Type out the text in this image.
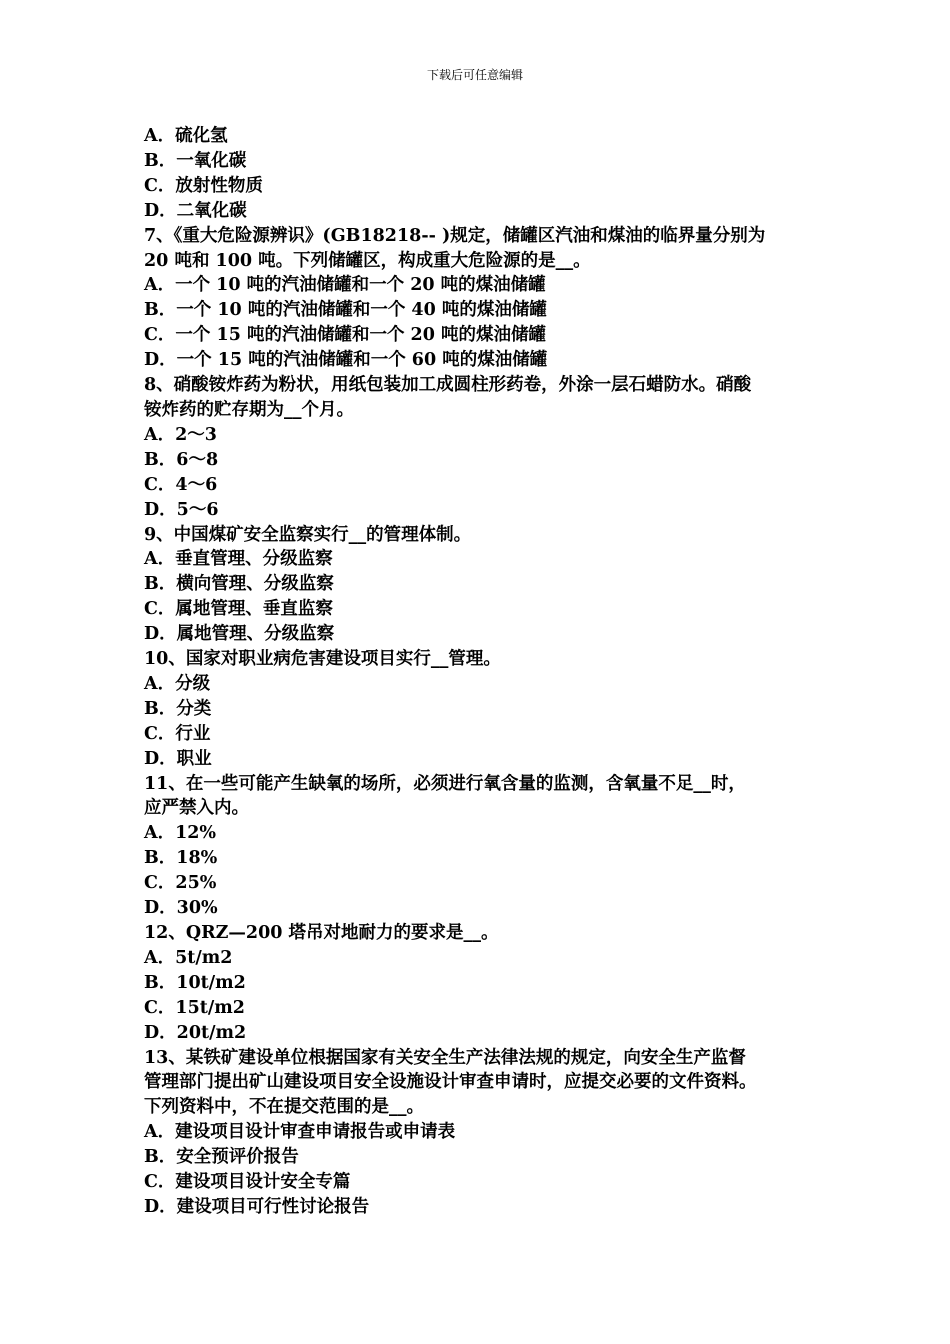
下载后可任意编辑
A．硫化氢
B．一氧化碳
C．放射性物质
D．二氧化碳
7、《重大危险源辨识》(GB18218-- )规定，储罐区汽油和煤油的临界量分别为
20 吨和 100 吨。下列储罐区，构成重大危险源的是__。
A．一个 10 吨的汽油储罐和一个 20 吨的煤油储罐
B．一个 10 吨的汽油储罐和一个 40 吨的煤油储罐
C．一个 15 吨的汽油储罐和一个 20 吨的煤油储罐
D．一个 15 吨的汽油储罐和一个 60 吨的煤油储罐
8、硝酸铵炸药为粉状，用纸包装加工成圆柱形药卷，外涂一层石蜡防水。硝酸
铵炸药的贮存期为__个月。
A．2～3
B．6～8
C．4～6
D．5～6
9、中国煤矿安全监察实行__的管理体制。
A．垂直管理、分级监察
B．横向管理、分级监察
C．属地管理、垂直监察
D．属地管理、分级监察
10、国家对职业病危害建设项目实行__管理。
A．分级
B．分类
C．行业
D．职业
11、在一些可能产生缺氧的场所，必须进行氧含量的监测，含氧量不足__时，
应严禁入内。
A．12%
B．18%
C．25%
D．30%
12、QRZ—200 塔吊对地耐力的要求是__。
A．5t/m2
B．10t/m2
C．15t/m2
D．20t/m2
13、某铁矿建设单位根据国家有关安全生产法律法规的规定，向安全生产监督
管理部门提出矿山建设项目安全设施设计审查申请时，应提交必要的文件资料。
下列资料中，不在提交范围的是__。
A．建设项目设计审查申请报告或申请表
B．安全预评价报告
C．建设项目设计安全专篇
D．建设项目可行性讨论报告
